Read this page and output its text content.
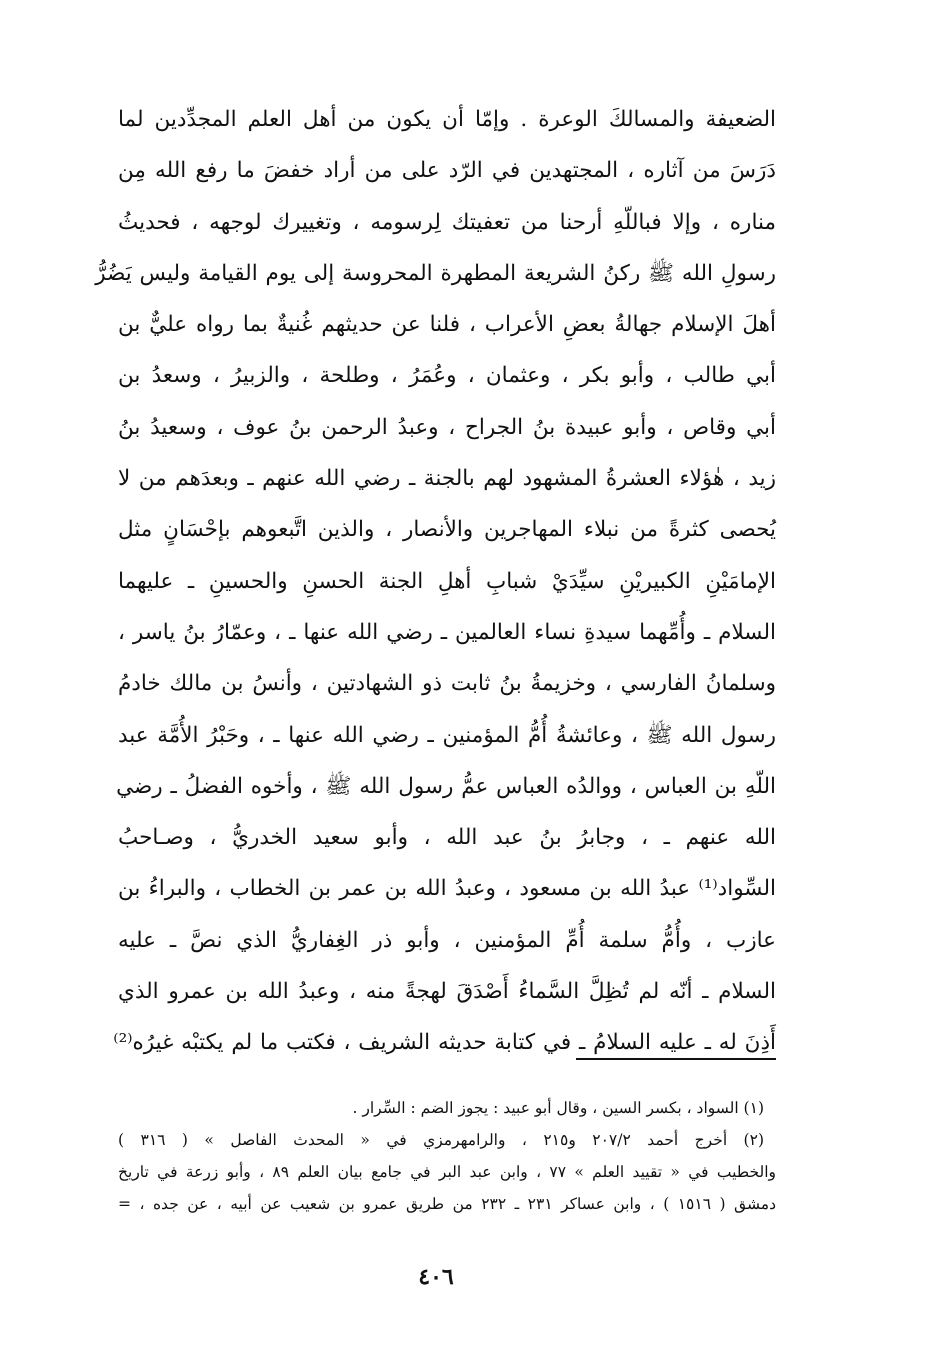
الضعيفة والمسالكَ الوعرة . وإمّا أن يكون من أهل العلم المجدِّدين لما
دَرَسَ من آثاره ، المجتهدين في الرّد على من أراد خفضَ ما رفع الله مِن
مناره ، وإلا فباللّهِ أرحنا من تعفيتك لِرسومه ، وتغييرك لوجهه ، فحديثُ
رسولِ الله ﷺ ركنُ الشريعة المطهرة المحروسة إلى يوم القيامة وليس يَضُرُّ
أهلَ الإسلام جهالةُ بعضِ الأعراب ، فلنا عن حديثهم غُنيةٌ بما رواه عليٌّ بن
أبي طالب ، وأبو بكر ، وعثمان ، وعُمَرُ ، وطلحة ، والزبيرُ ، وسعدُ بن
أبي وقاص ، وأبو عبيدة بنُ الجراح ، وعبدُ الرحمن بنُ عوف ، وسعيدُ بنُ
زيد ، هٰؤلاء العشرةُ المشهود لهم بالجنة ـ رضي الله عنهم ـ وبعدَهم من لا
يُحصى كثرةً من نبلاء المهاجرين والأنصار ، والذين اتَّبعوهم بإحْسَانٍ مثل
الإمامَيْنِ الكبيريْنِ سيِّدَيْ شبابِ أهلِ الجنة الحسنِ والحسينِ ـ عليهما
السلام ـ وأُمِّهما سيدةِ نساء العالمين ـ رضي الله عنها ـ ، وعمّارُ بنُ ياسر ،
وسلمانُ الفارسي ، وخزيمةُ بنُ ثابت ذو الشهادتين ، وأنسُ بن مالك خادمُ
رسول الله ﷺ ، وعائشةُ أُمُّ المؤمنين ـ رضي الله عنها ـ ، وحَبْرُ الأُمَّة عبد
اللّهِ بن العباس ، ووالدُه العباس عمُّ رسول الله ﷺ ، وأخوه الفضلُ ـ رضي
الله عنهم ـ ، وجابرُ بنُ عبد الله ، وأبو سعيد الخدريُّ ، وصـاحبُ
السِّواد⁽¹⁾ عبدُ الله بن مسعود ، وعبدُ الله بن عمر بن الخطاب ، والبراءُ بن
عازب ، وأُمُّ سلمة أُمِّ المؤمنين ، وأبو ذر الغِفاريُّ الذي نصَّ ـ عليه
السلام ـ أنّه لم تُظِلَّ السَّماءُ أَصْدَقَ لهجةً منه ، وعبدُ الله بن عمرو الذي
أَذِنَ له ـ عليه السلامُ ـ في كتابة حديثه الشريف ، فكتب ما لم يكتبْه غيرُه⁽²⁾
(١) السواد ، بكسر السين ، وقال أبو عبيد : يجوز الضم : السِّرار .
(٢) أخرج أحمد ٢٠٧/٢ و٢١٥ ، والرامهرمزي في « المحدث الفاصل » ( ٣١٦ )
والخطيب في « تقييد العلم » ٧٧ ، وابن عبد البر في جامع بيان العلم ٨٩ ، وأبو زرعة في تاريخ
دمشق ( ١٥١٦ ) ، وابن عساكر ٢٣١ ـ ٢٣٢ من طريق عمرو بن شعيب عن أبيه ، عن جده ، =
٤٠٦
